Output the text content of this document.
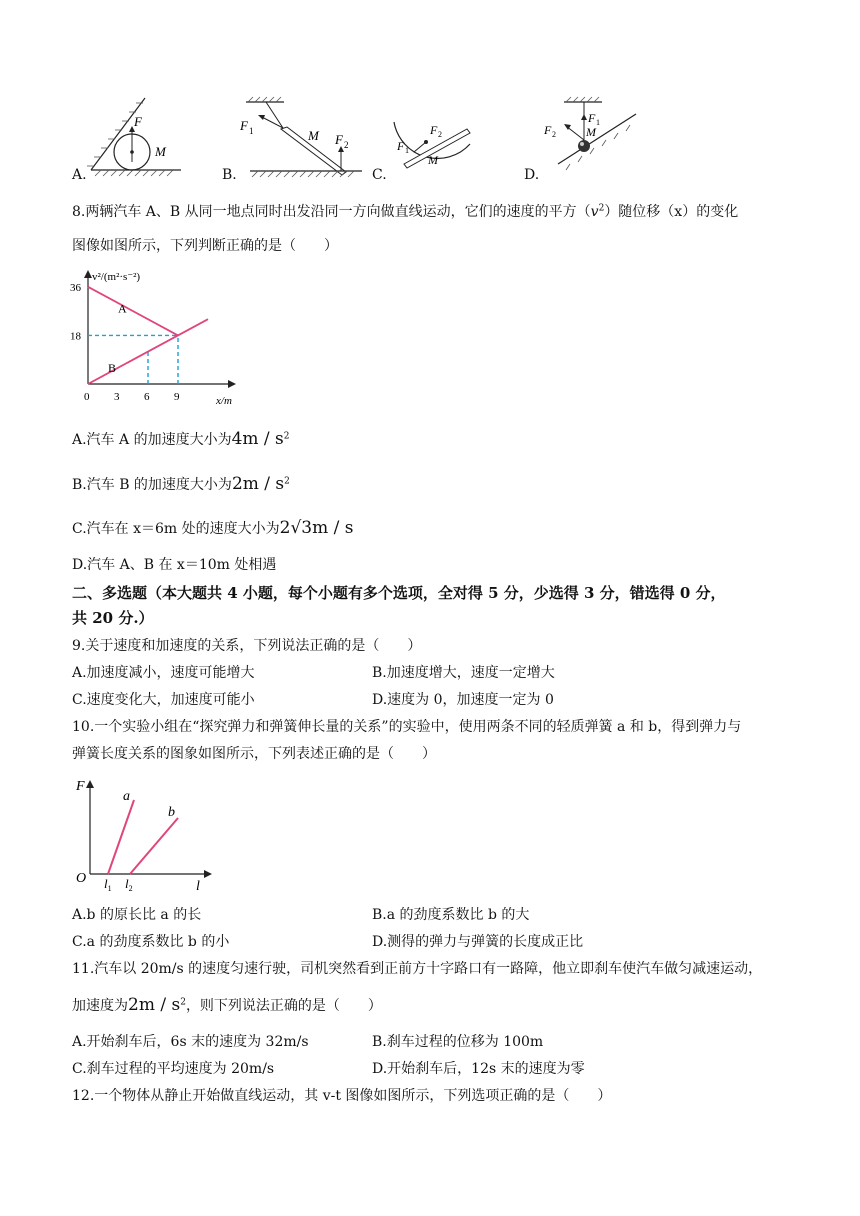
A.	B.	C.	D.
F
M
F 1	M F 2	F 1
F 2
M
F 1
F 2	M
8.两辆汽车 A、B 从同一地点同时出发沿同一方向做直线运动，它们的速度的平方$(v^2)$随位移（x）的变化
图像如图所示，下列判断正确的是（　　）
A
B
v²/(m²·s⁻²)
x/m
18
36
0 3 6 9
A.汽车 A 的加速度大小为$4m / s^2$
B.汽车 B 的加速度大小为$2m / s^2$
C.汽车在 x＝6m 处的速度大小为2√3m / s
D.汽车 A、B 在 x＝10m 处相遇
二、多选题（本大题共 4 小题，每个小题有多个选项，全对得 5 分，少选得 3 分，错选得 0 分，
共 20 分.）
9.关于速度和加速度的关系，下列说法正确的是（　　）
A.加速度减小，速度可能增大	B.加速度增大，速度一定增大
C.速度变化大，加速度可能小	D.速度为 0，加速度一定为 0
10.一个实验小组在“探究弹力和弹簧伸长量的关系”的实验中，使用两条不同的轻质弹簧 a 和 b，得到弹力与
弹簧长度关系的图象如图所示，下列表述正确的是（　　）
F
O
l
a
b
$l_1$ $l_2$
A.b 的原长比 a 的长	B.a 的劲度系数比 b 的大
C.a 的劲度系数比 b 的小	D.测得的弹力与弹簧的长度成正比
11.汽车以 20m/s 的速度匀速行驶，司机突然看到正前方十字路口有一路障，他立即刹车使汽车做匀减速运动，
加速度为$2m / s^2$，则下列说法正确的是（　　）
A.开始刹车后，6s 末的速度为 32m/s	B.刹车过程的位移为 100m
C.刹车过程的平均速度为 20m/s	D.开始刹车后，12s 末的速度为零
12.一个物体从静止开始做直线运动，其 v-t 图像如图所示，下列选项正确的是（　　）
